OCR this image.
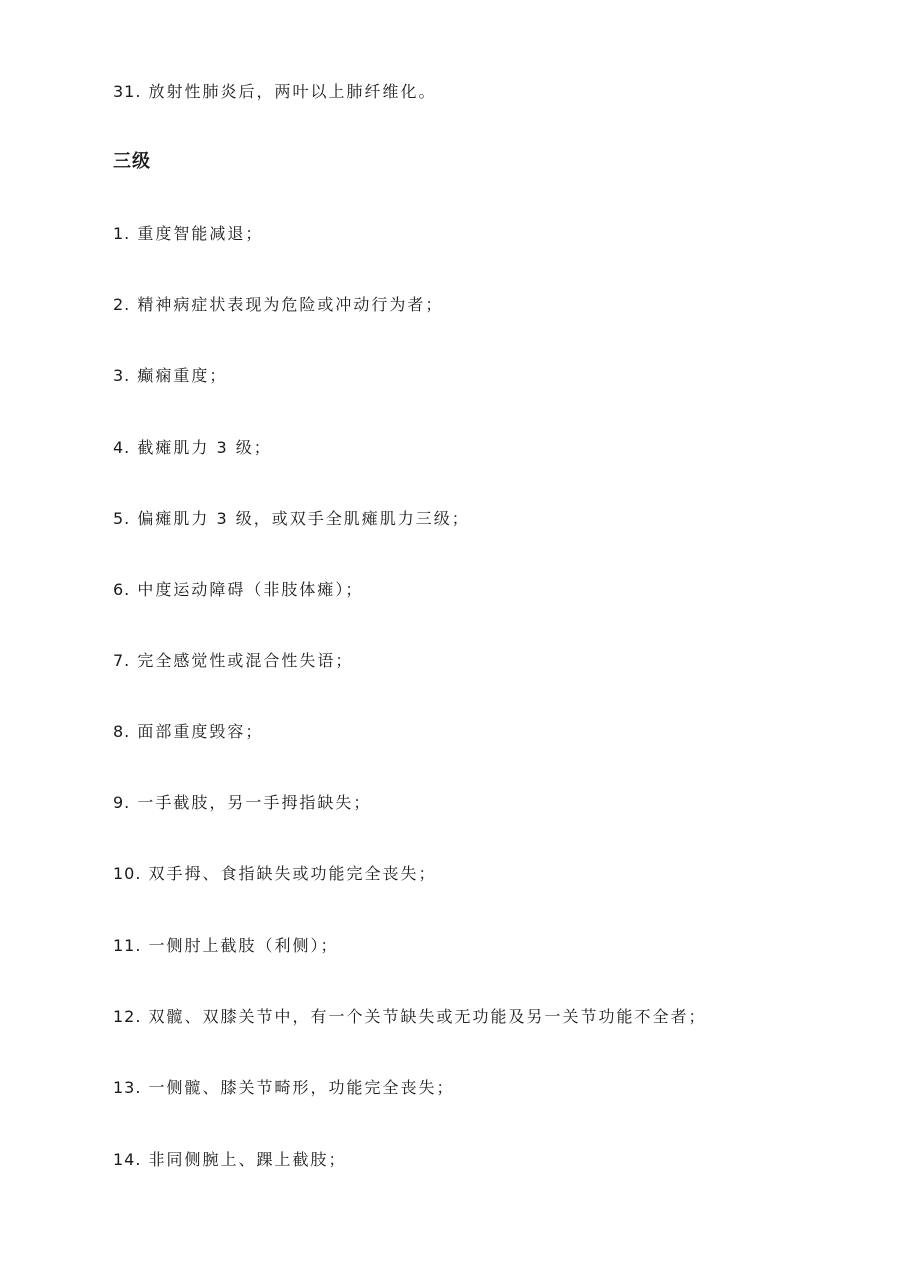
31. 放射性肺炎后，两叶以上肺纤维化。
三级
1. 重度智能减退；
2. 精神病症状表现为危险或冲动行为者；
3. 癫痫重度；
4. 截瘫肌力 3 级；
5. 偏瘫肌力 3 级，或双手全肌瘫肌力三级；
6. 中度运动障碍（非肢体瘫）；
7. 完全感觉性或混合性失语；
8. 面部重度毁容；
9. 一手截肢，另一手拇指缺失；
10. 双手拇、食指缺失或功能完全丧失；
11. 一侧肘上截肢（利侧）；
12. 双髋、双膝关节中，有一个关节缺失或无功能及另一关节功能不全者；
13. 一侧髋、膝关节畸形，功能完全丧失；
14. 非同侧腕上、踝上截肢；
